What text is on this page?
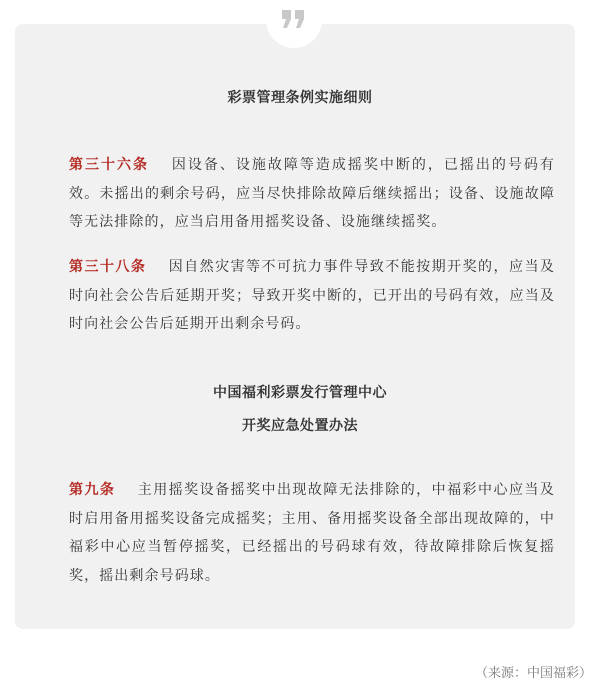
彩票管理条例实施细则
第三十六条 因设备、设施故障等造成摇奖中断的，已摇出的号码有效。未摇出的剩余号码，应当尽快排除故障后继续摇出；设备、设施故障等无法排除的，应当启用备用摇奖设备、设施继续摇奖。
第三十八条 因自然灾害等不可抗力事件导致不能按期开奖的，应当及时向社会公告后延期开奖；导致开奖中断的，已开出的号码有效，应当及时向社会公告后延期开出剩余号码。
中国福利彩票发行管理中心
开奖应急处置办法
第九条 主用摇奖设备摇奖中出现故障无法排除的，中福彩中心应当及时启用备用摇奖设备完成摇奖；主用、备用摇奖设备全部出现故障的，中福彩中心应当暂停摇奖，已经摇出的号码球有效，待故障排除后恢复摇奖，摇出剩余号码球。
（来源：中国福彩）
